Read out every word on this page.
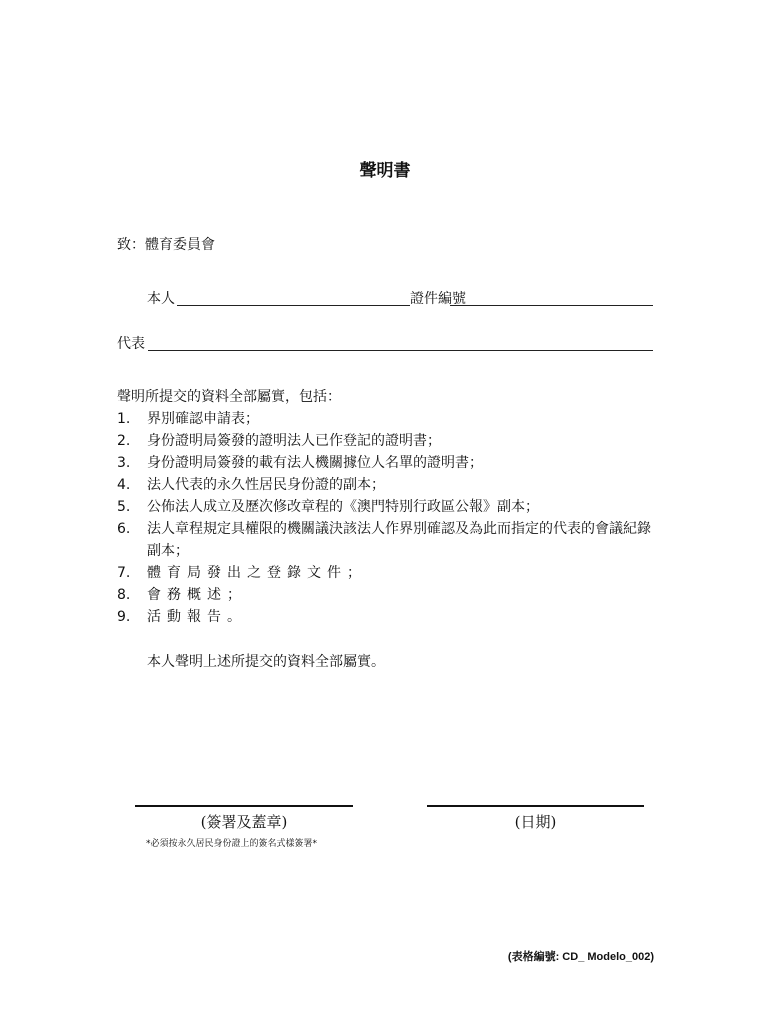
聲明書
致：體育委員會
本人	證件編號
代表
聲明所提交的資料全部屬實，包括：
1. 界別確認申請表；
2. 身份證明局簽發的證明法人已作登記的證明書；
3. 身份證明局簽發的載有法人機關據位人名單的證明書；
4. 法人代表的永久性居民身份證的副本；
5. 公佈法人成立及歷次修改章程的《澳門特別行政區公報》副本；
6. 法人章程規定具權限的機關議決該法人作界別確認及為此而指定的代表的會議紀錄副本；
7. 體育局發出之登錄文件；
8. 會務概述；
9. 活動報告。
本人聲明上述所提交的資料全部屬實。
(簽署及蓋章)	(日期)
*必須按永久居民身份證上的簽名式樣簽署*
(表格編號: CD_ Modelo_002)
